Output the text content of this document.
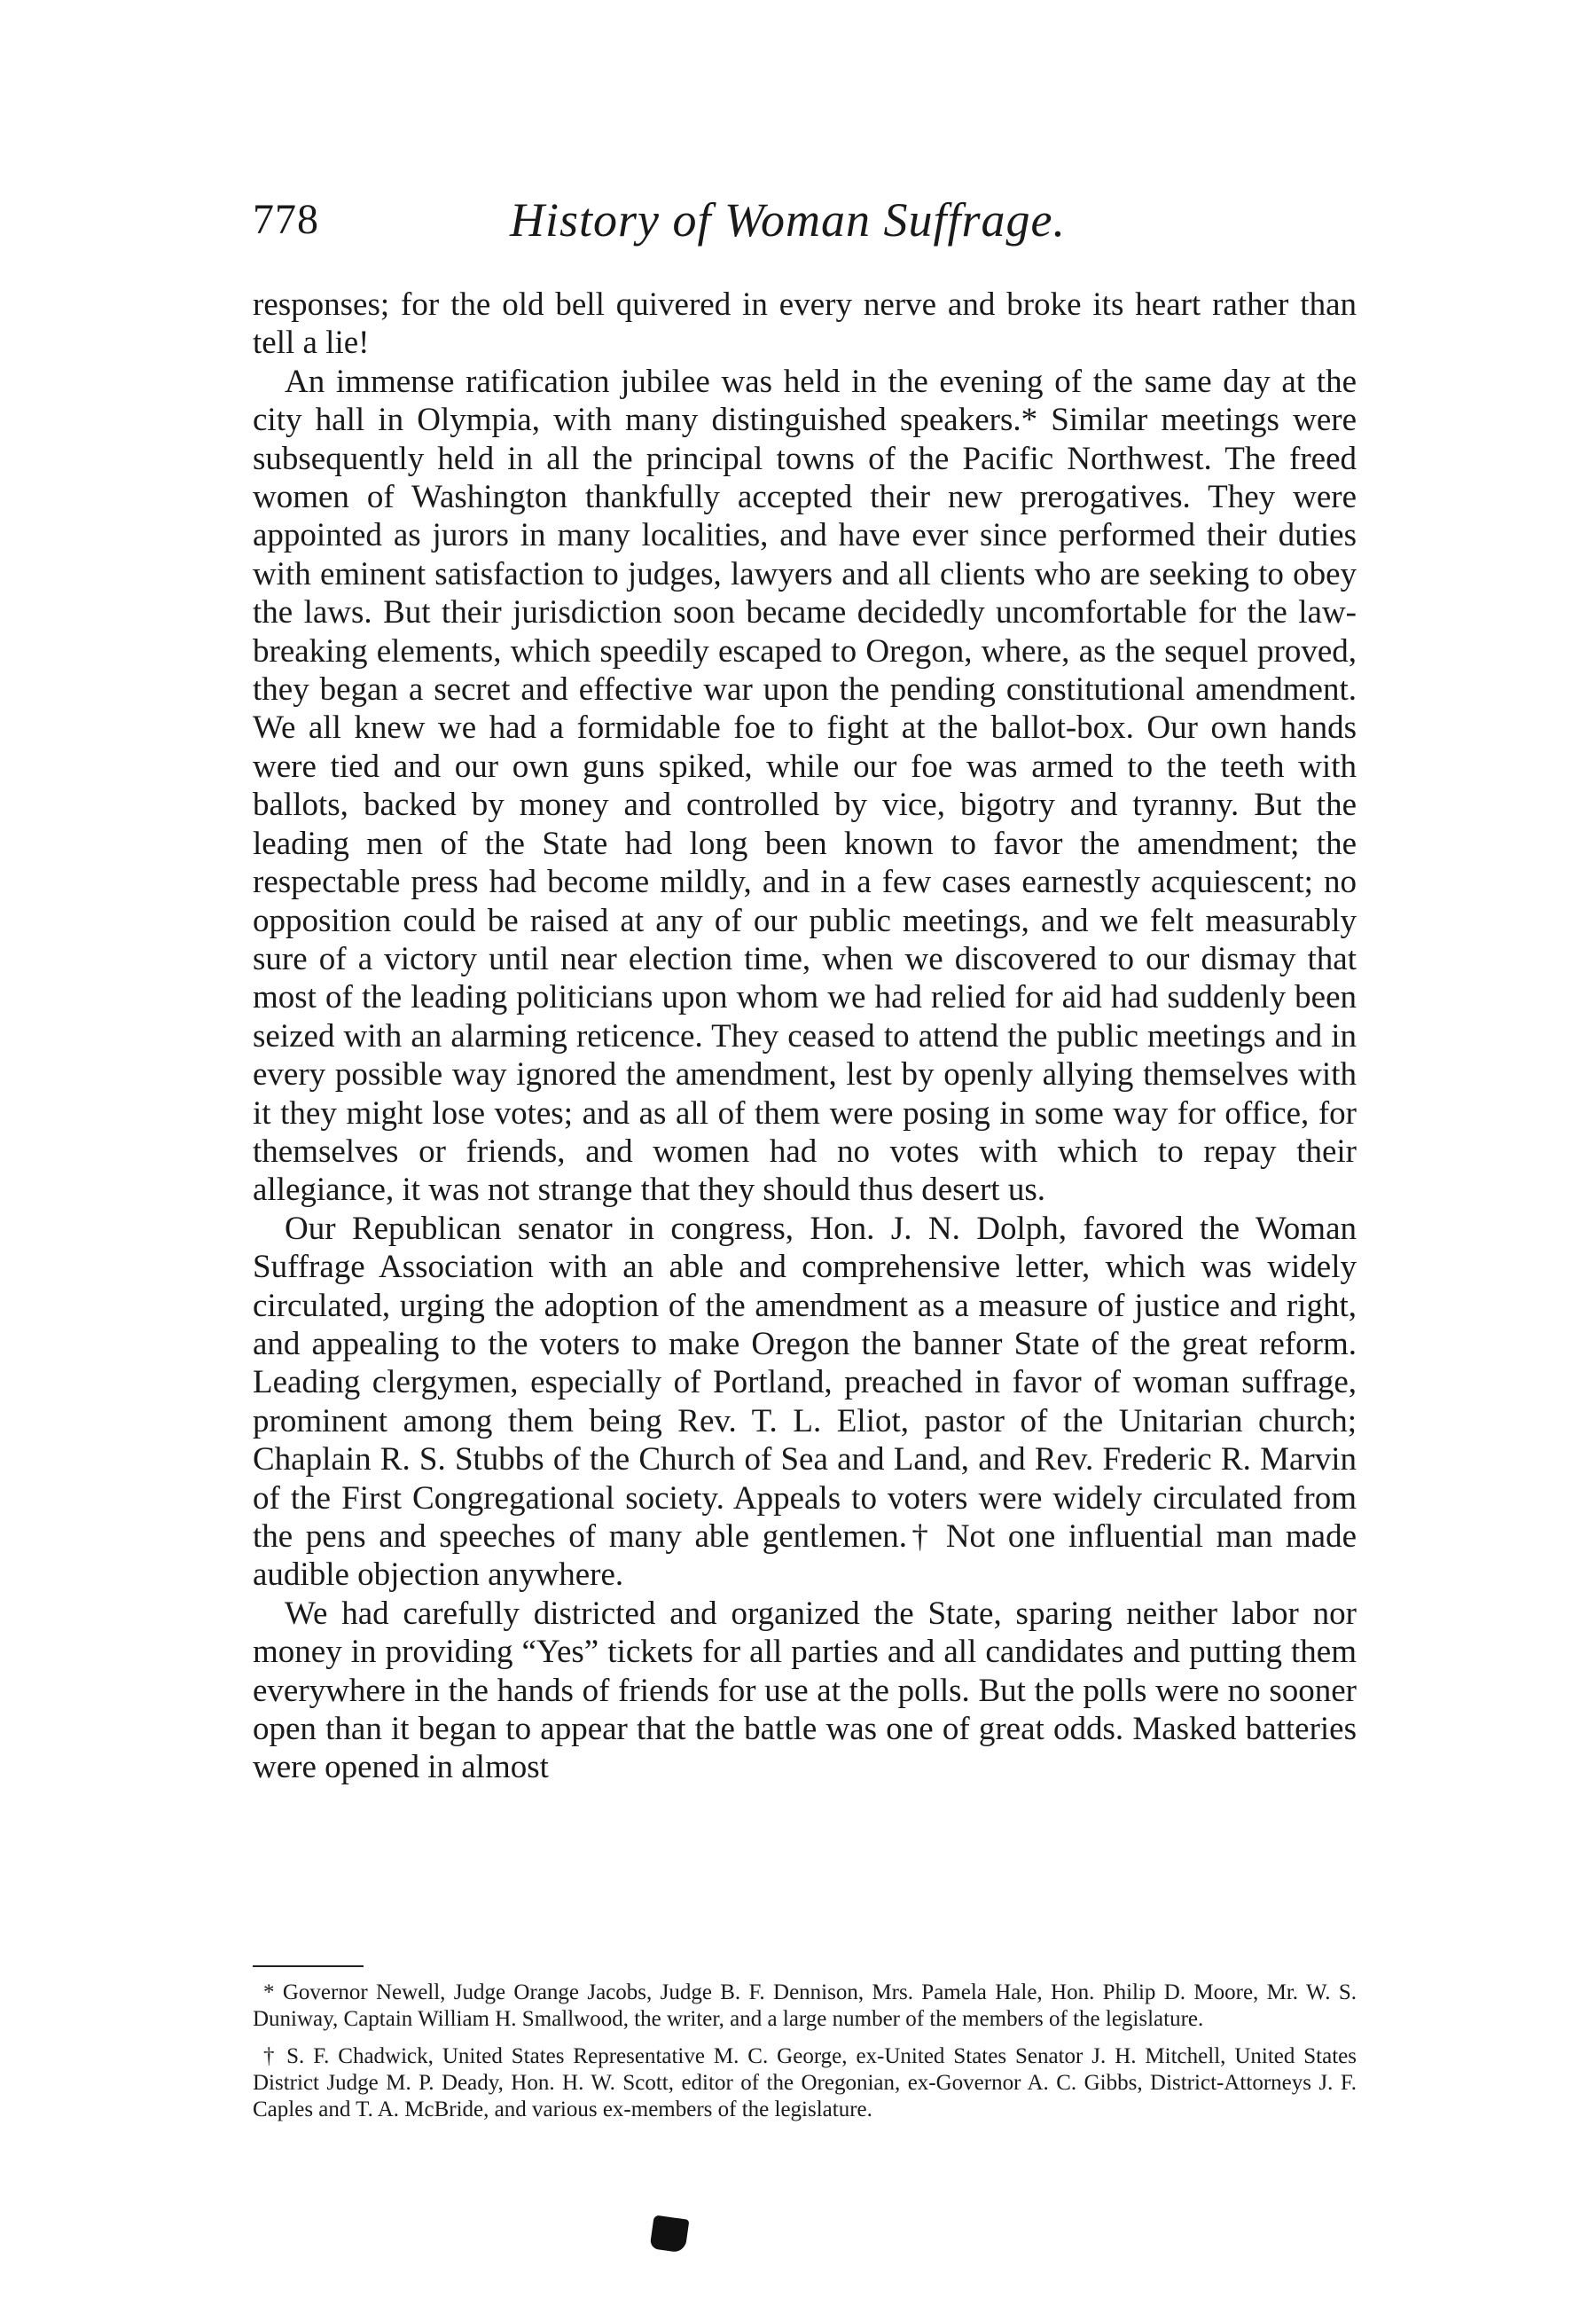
778	History of Woman Suffrage.

responses; for the old bell quivered in every nerve and broke its heart rather than tell a lie!

An immense ratification jubilee was held in the evening of the same day at the city hall in Olympia, with many distinguished speakers.* Similar meetings were subsequently held in all the principal towns of the Pacific Northwest. The freed women of Washington thankfully accepted their new prerogatives. They were appointed as jurors in many localities, and have ever since performed their duties with eminent satisfaction to judges, lawyers and all clients who are seeking to obey the laws. But their jurisdiction soon became decidedly uncomfortable for the law-breaking elements, which speedily escaped to Oregon, where, as the sequel proved, they began a secret and effective war upon the pending constitutional amendment. We all knew we had a formidable foe to fight at the ballot-box. Our own hands were tied and our own guns spiked, while our foe was armed to the teeth with ballots, backed by money and controlled by vice, bigotry and tyranny. But the leading men of the State had long been known to favor the amendment; the respectable press had become mildly, and in a few cases earnestly acquiescent; no opposition could be raised at any of our public meetings, and we felt measurably sure of a victory until near election time, when we discovered to our dismay that most of the leading politicians upon whom we had relied for aid had suddenly been seized with an alarming reticence. They ceased to attend the public meetings and in every possible way ignored the amendment, lest by openly allying themselves with it they might lose votes; and as all of them were posing in some way for office, for themselves or friends, and women had no votes with which to repay their allegiance, it was not strange that they should thus desert us.

Our Republican senator in congress, Hon. J. N. Dolph, favored the Woman Suffrage Association with an able and comprehensive letter, which was widely circulated, urging the adoption of the amendment as a measure of justice and right, and appealing to the voters to make Oregon the banner State of the great reform. Leading clergymen, especially of Portland, preached in favor of woman suffrage, prominent among them being Rev. T. L. Eliot, pastor of the Unitarian church; Chaplain R. S. Stubbs of the Church of Sea and Land, and Rev. Frederic R. Marvin of the First Congregational society. Appeals to voters were widely circulated from the pens and speeches of many able gentlemen.† Not one influential man made audible objection anywhere.

We had carefully districted and organized the State, sparing neither labor nor money in providing “Yes” tickets for all parties and all candidates and putting them everywhere in the hands of friends for use at the polls. But the polls were no sooner open than it began to appear that the battle was one of great odds. Masked batteries were opened in almost

* Governor Newell, Judge Orange Jacobs, Judge B. F. Dennison, Mrs. Pamela Hale, Hon. Philip D. Moore, Mr. W. S. Duniway, Captain William H. Smallwood, the writer, and a large number of the members of the legislature.

† S. F. Chadwick, United States Representative M. C. George, ex-United States Senator J. H. Mitchell, United States District Judge M. P. Deady, Hon. H. W. Scott, editor of the Oregonian, ex-Governor A. C. Gibbs, District-Attorneys J. F. Caples and T. A. McBride, and various ex-members of the legislature.
